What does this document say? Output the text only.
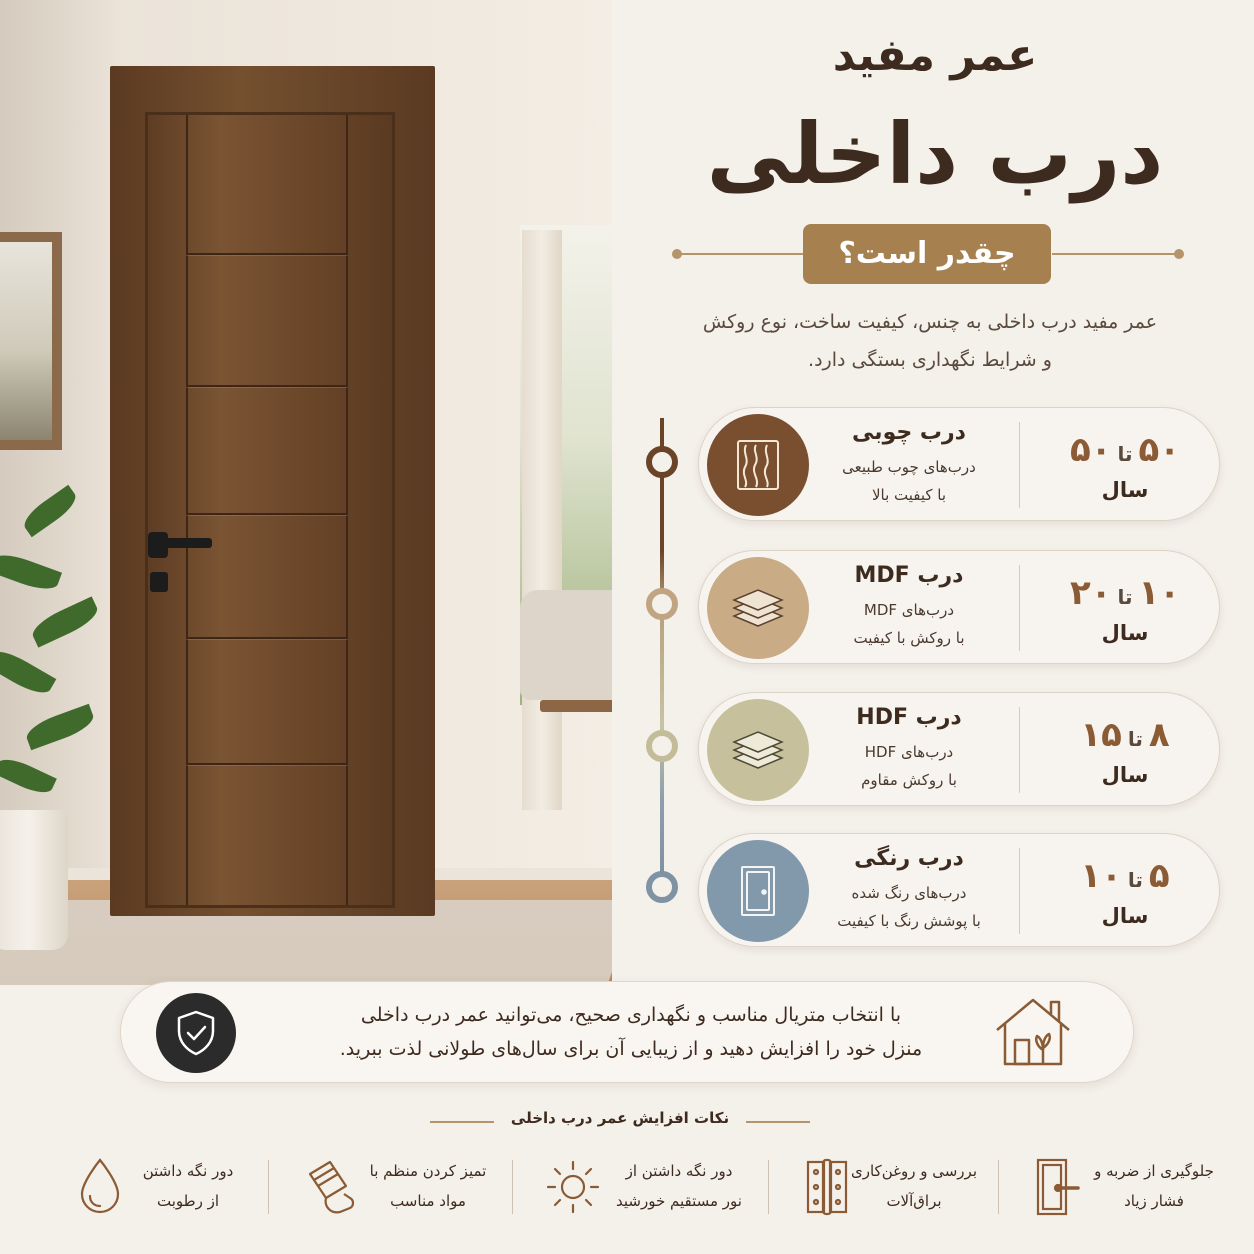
عمر مفید
درب داخلی
چقدر است؟
عمر مفید درب داخلی به چنس، کیفیت ساخت، نوع روکش
و شرایط نگهداری بستگی دارد.
درب چوبی
درب‌های چوب طبیعی
با کیفیت بالا
۵۰تا۵۰
سال
درب MDF
درب‌های MDF
با روکش با کیفیت
۱۰تا۲۰
سال
درب HDF
درب‌های HDF
با روکش مقاوم
۸تا۱۵
سال
درب رنگی
درب‌های رنگ شده
با پوشش رنگ با کیفیت
۵تا۱۰
سال
با انتخاب متریال مناسب و نگهداری صحیح، می‌توانید عمر درب داخلی
منزل خود را افزایش دهید و از زیبایی آن برای سال‌های طولانی لذت ببرید.
نکات افزایش عمر درب داخلی
جلوگیری از ضربه و
فشار زیاد
بررسی و روغن‌کاری
براق‌آلات
دور نگه داشتن از
نور مستقیم خورشید
تمیز کردن منظم با
مواد مناسب
دور نگه داشتن
از رطوبت
